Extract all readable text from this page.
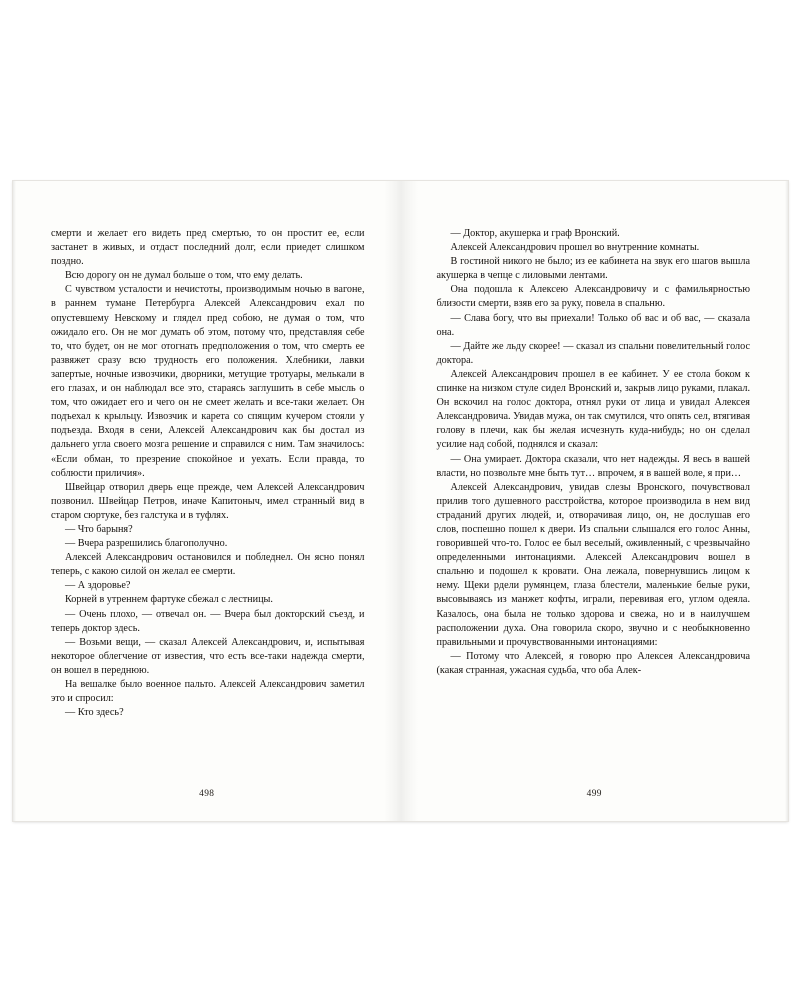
смерти и желает его видеть пред смертью, то он простит ее, если застанет в живых, и отдаст последний долг, если приедет слишком поздно.

Всю дорогу он не думал больше о том, что ему делать.

С чувством усталости и нечистоты, производимым ночью в вагоне, в раннем тумане Петербурга Алексей Александрович ехал по опустевшему Невскому и глядел пред собою, не думая о том, что ожидало его. Он не мог думать об этом, потому что, представляя себе то, что будет, он не мог отогнать предположения о том, что смерть ее развяжет сразу всю трудность его положения. Хлебники, лавки запертые, ночные извозчики, дворники, метущие тротуары, мелькали в его глазах, и он наблюдал все это, стараясь заглушить в себе мысль о том, что ожидает его и чего он не смеет желать и все-таки желает. Он подъехал к крыльцу. Извозчик и карета со спящим кучером стояли у подъезда. Входя в сени, Алексей Александрович как бы достал из дальнего угла своего мозга решение и справился с ним. Там значилось: «Если обман, то презрение спокойное и уехать. Если правда, то соблюсти приличия».

Швейцар отворил дверь еще прежде, чем Алексей Александрович позвонил. Швейцар Петров, иначе Капитоныч, имел странный вид в старом сюртуке, без галстука и в туфлях.

— Что барыня?

— Вчера разрешились благополучно.

Алексей Александрович остановился и побледнел. Он ясно понял теперь, с какою силой он желал ее смерти.

— А здоровье?

Корней в утреннем фартуке сбежал с лестницы.

— Очень плохо, — отвечал он. — Вчера был докторский съезд, и теперь доктор здесь.

— Возьми вещи, — сказал Алексей Александрович, и, испытывая некоторое облегчение от известия, что есть все-таки надежда смерти, он вошел в переднюю.

На вешалке было военное пальто. Алексей Александрович заметил это и спросил:

— Кто здесь?

498

— Доктор, акушерка и граф Вронский.

Алексей Александрович прошел во внутренние комнаты.

В гостиной никого не было; из ее кабинета на звук его шагов вышла акушерка в чепце с лиловыми лентами.

Она подошла к Алексею Александровичу и с фамильярностью близости смерти, взяв его за руку, повела в спальню.

— Слава богу, что вы приехали! Только об вас и об вас, — сказала она.

— Дайте же льду скорее! — сказал из спальни повелительный голос доктора.

Алексей Александрович прошел в ее кабинет. У ее стола боком к спинке на низком стуле сидел Вронский и, закрыв лицо руками, плакал. Он вскочил на голос доктора, отнял руки от лица и увидал Алексея Александровича. Увидав мужа, он так смутился, что опять сел, втягивая голову в плечи, как бы желая исчезнуть куда-нибудь; но он сделал усилие над собой, поднялся и сказал:

— Она умирает. Доктора сказали, что нет надежды. Я весь в вашей власти, но позвольте мне быть тут… впрочем, я в вашей воле, я при…

Алексей Александрович, увидав слезы Вронского, почувствовал прилив того душевного расстройства, которое производила в нем вид страданий других людей, и, отворачивая лицо, он, не дослушав его слов, поспешно пошел к двери. Из спальни слышался его голос Анны, говорившей что-то. Голос ее был веселый, оживленный, с чрезвычайно определенными интонациями. Алексей Александрович вошел в спальню и подошел к кровати. Она лежала, повернувшись лицом к нему. Щеки рдели румянцем, глаза блестели, маленькие белые руки, высовываясь из манжет кофты, играли, перевивая его, углом одеяла. Казалось, она была не только здорова и свежа, но и в наилучшем расположении духа. Она говорила скоро, звучно и с необыкновенно правильными и прочувствованными интонациями:

— Потому что Алексей, я говорю про Алексея Александровича (какая странная, ужасная судьба, что оба Алек-

499
